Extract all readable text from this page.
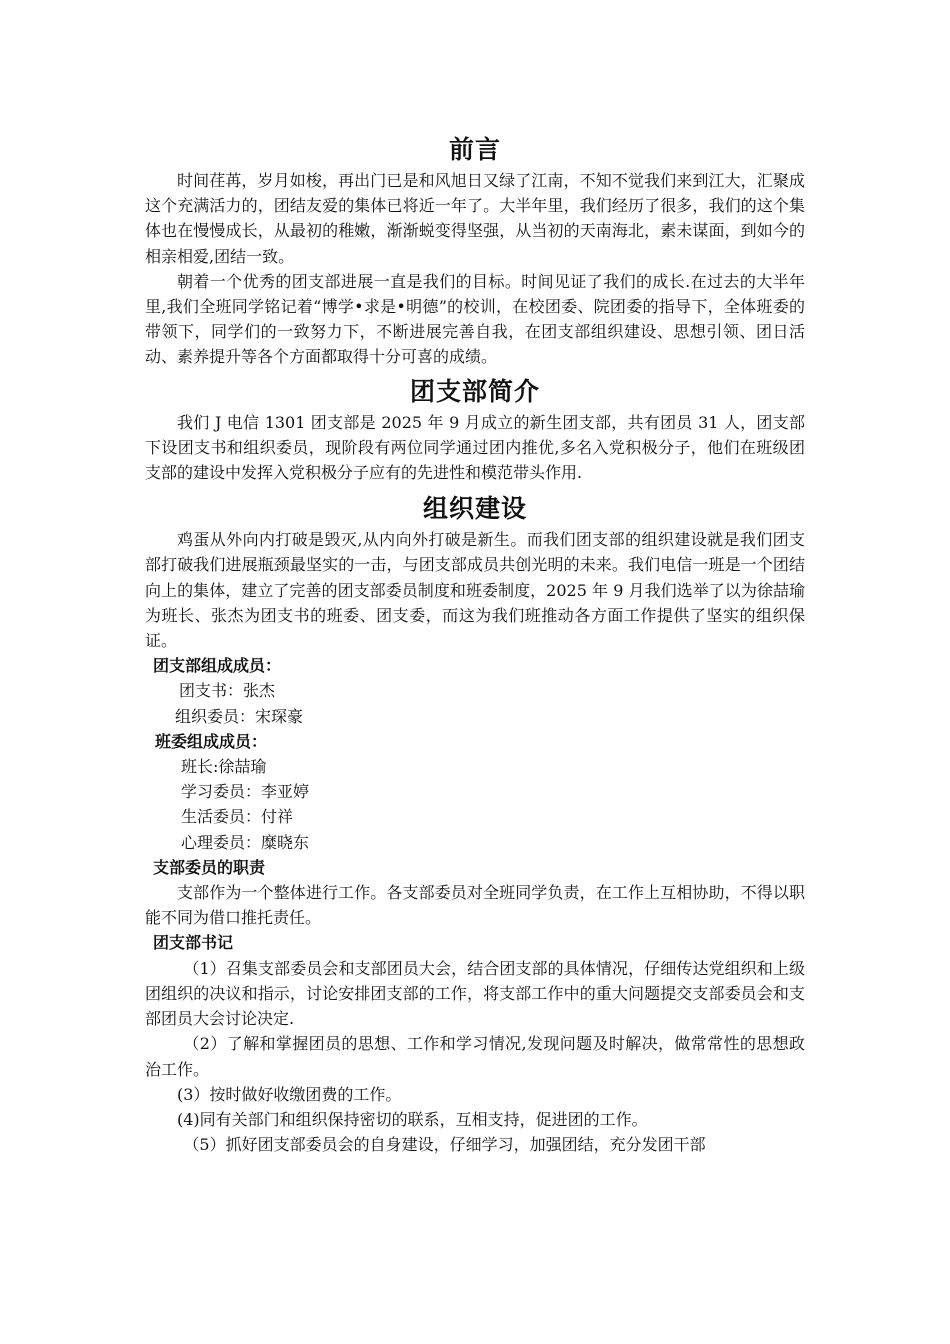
前言

时间荏苒，岁月如梭，再出门已是和风旭日又绿了江南，不知不觉我们来到江大，汇聚成这个充满活力的，团结友爱的集体已将近一年了。大半年里，我们经历了很多，我们的这个集体也在慢慢成长，从最初的稚嫩，渐渐蜕变得坚强，从当初的天南海北，素未谋面，到如今的相亲相爱,团结一致。

朝着一个优秀的团支部进展一直是我们的目标。时间见证了我们的成长.在过去的大半年里,我们全班同学铭记着“博学•求是•明德”的校训，在校团委、院团委的指导下，全体班委的带领下，同学们的一致努力下，不断进展完善自我，在团支部组织建设、思想引领、团日活动、素养提升等各个方面都取得十分可喜的成绩。

团支部简介

我们 J 电信 1301 团支部是 2025 年 9 月成立的新生团支部，共有团员 31 人，团支部下设团支书和组织委员，现阶段有两位同学通过团内推优,多名入党积极分子，他们在班级团支部的建设中发挥入党积极分子应有的先进性和模范带头作用.

组织建设

鸡蛋从外向内打破是毁灭,从内向外打破是新生。而我们团支部的组织建设就是我们团支部打破我们进展瓶颈最坚实的一击，与团支部成员共创光明的未来。我们电信一班是一个团结向上的集体，建立了完善的团支部委员制度和班委制度，2025 年 9 月我们选举了以为徐喆瑜为班长、张杰为团支书的班委、团支委，而这为我们班推动各方面工作提供了坚实的组织保证。

团支部组成成员：
团支书：张杰
组织委员：宋琛豪
班委组成成员：
班长:徐喆瑜
学习委员：李亚婷
生活委员：付祥
心理委员：糜晓东
支部委员的职责

支部作为一个整体进行工作。各支部委员对全班同学负责，在工作上互相协助，不得以职能不同为借口推托责任。

团支部书记

（1）召集支部委员会和支部团员大会，结合团支部的具体情况，仔细传达党组织和上级团组织的决议和指示，讨论安排团支部的工作，将支部工作中的重大问题提交支部委员会和支部团员大会讨论决定.

（2）了解和掌握团员的思想、工作和学习情况,发现问题及时解决，做常常性的思想政治工作。

(3）按时做好收缴团费的工作。

(4)同有关部门和组织保持密切的联系，互相支持，促进团的工作。

（5）抓好团支部委员会的自身建设，仔细学习，加强团结，充分发团干部
